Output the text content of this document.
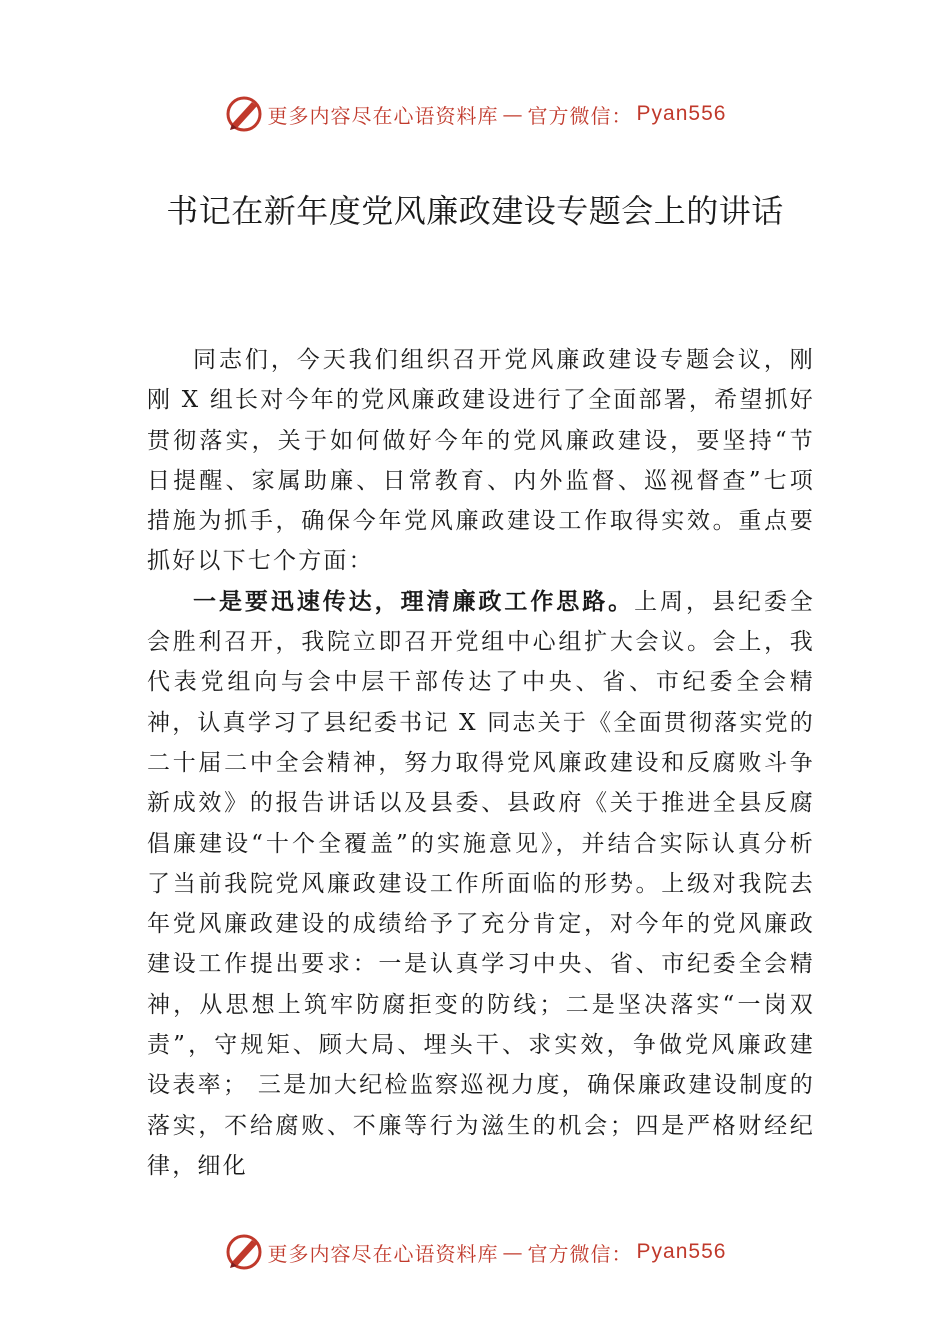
更多内容尽在心语资料库 — 官方微信： Pyan556
书记在新年度党风廉政建设专题会上的讲话

同志们，今天我们组织召开党风廉政建设专题会议，刚刚 X 组长对今年的党风廉政建设进行了全面部署，希望抓好贯彻落实，关于如何做好今年的党风廉政建设，要坚持“节日提醒、家属助廉、日常教育、内外监督、巡视督查”七项措施为抓手，确保今年党风廉政建设工作取得实效。重点要抓好以下七个方面：

一是要迅速传达，理清廉政工作思路。上周，县纪委全会胜利召开，我院立即召开党组中心组扩大会议。会上，我代表党组向与会中层干部传达了中央、省、市纪委全会精神，认真学习了县纪委书记 X 同志关于《全面贯彻落实党的二十届二中全会精神，努力取得党风廉政建设和反腐败斗争新成效》的报告讲话以及县委、县政府《关于推进全县反腐倡廉建设“十个全覆盖”的实施意见》，并结合实际认真分析了当前我院党风廉政建设工作所面临的形势。上级对我院去年党风廉政建设的成绩给予了充分肯定，对今年的党风廉政建设工作提出要求：一是认真学习中央、省、市纪委全会精神，从思想上筑牢防腐拒变的防线；二是坚决落实“一岗双责”，守规矩、顾大局、埋头干、求实效，争做党风廉政建设表率； 三是加大纪检监察巡视力度，确保廉政建设制度的落实，不给腐败、不廉等行为滋生的机会；四是严格财经纪律，细化

更多内容尽在心语资料库 — 官方微信： Pyan556
